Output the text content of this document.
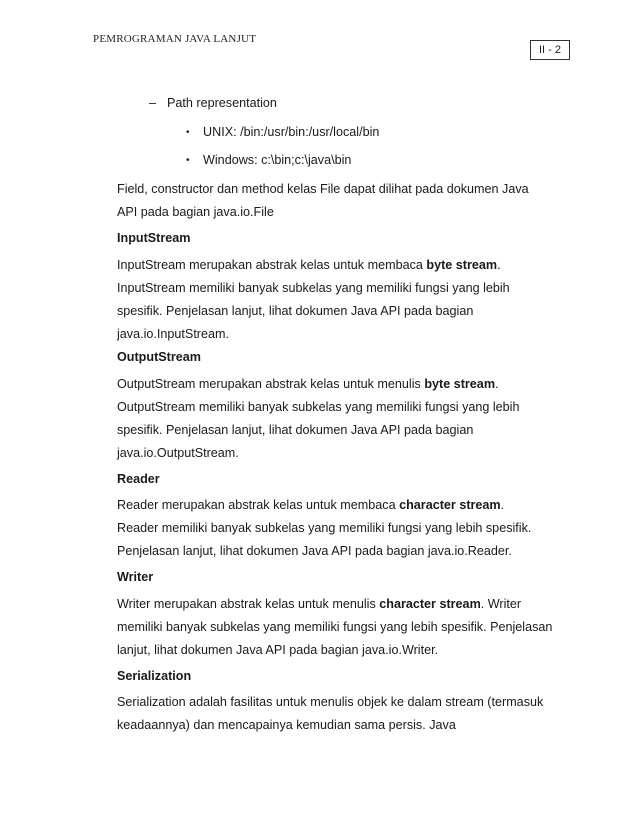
PEMROGRAMAN JAVA LANJUT
II - 2
– Path representation
• UNIX: /bin:/usr/bin:/usr/local/bin
• Windows: c:\bin;c:\java\bin
Field, constructor dan method kelas File dapat dilihat pada dokumen Java
API pada bagian java.io.File
InputStream
InputStream merupakan abstrak kelas untuk membaca byte stream.
InputStream memiliki banyak subkelas yang memiliki fungsi yang lebih
spesifik. Penjelasan lanjut, lihat dokumen Java API pada bagian
java.io.InputStream.
OutputStream
OutputStream merupakan abstrak kelas untuk menulis byte stream.
OutputStream memiliki banyak subkelas yang memiliki fungsi yang lebih
spesifik. Penjelasan lanjut, lihat dokumen Java API pada bagian
java.io.OutputStream.
Reader
Reader merupakan abstrak kelas untuk membaca character stream.
Reader memiliki banyak subkelas yang memiliki fungsi yang lebih spesifik.
Penjelasan lanjut, lihat dokumen Java API pada bagian java.io.Reader.
Writer
Writer merupakan abstrak kelas untuk menulis character stream. Writer
memiliki banyak subkelas yang memiliki fungsi yang lebih spesifik. Penjelasan
lanjut, lihat dokumen Java API pada bagian java.io.Writer.
Serialization
Serialization adalah fasilitas untuk menulis objek ke dalam stream (termasuk
keadaannya) dan mencapainya kemudian sama persis. Java
